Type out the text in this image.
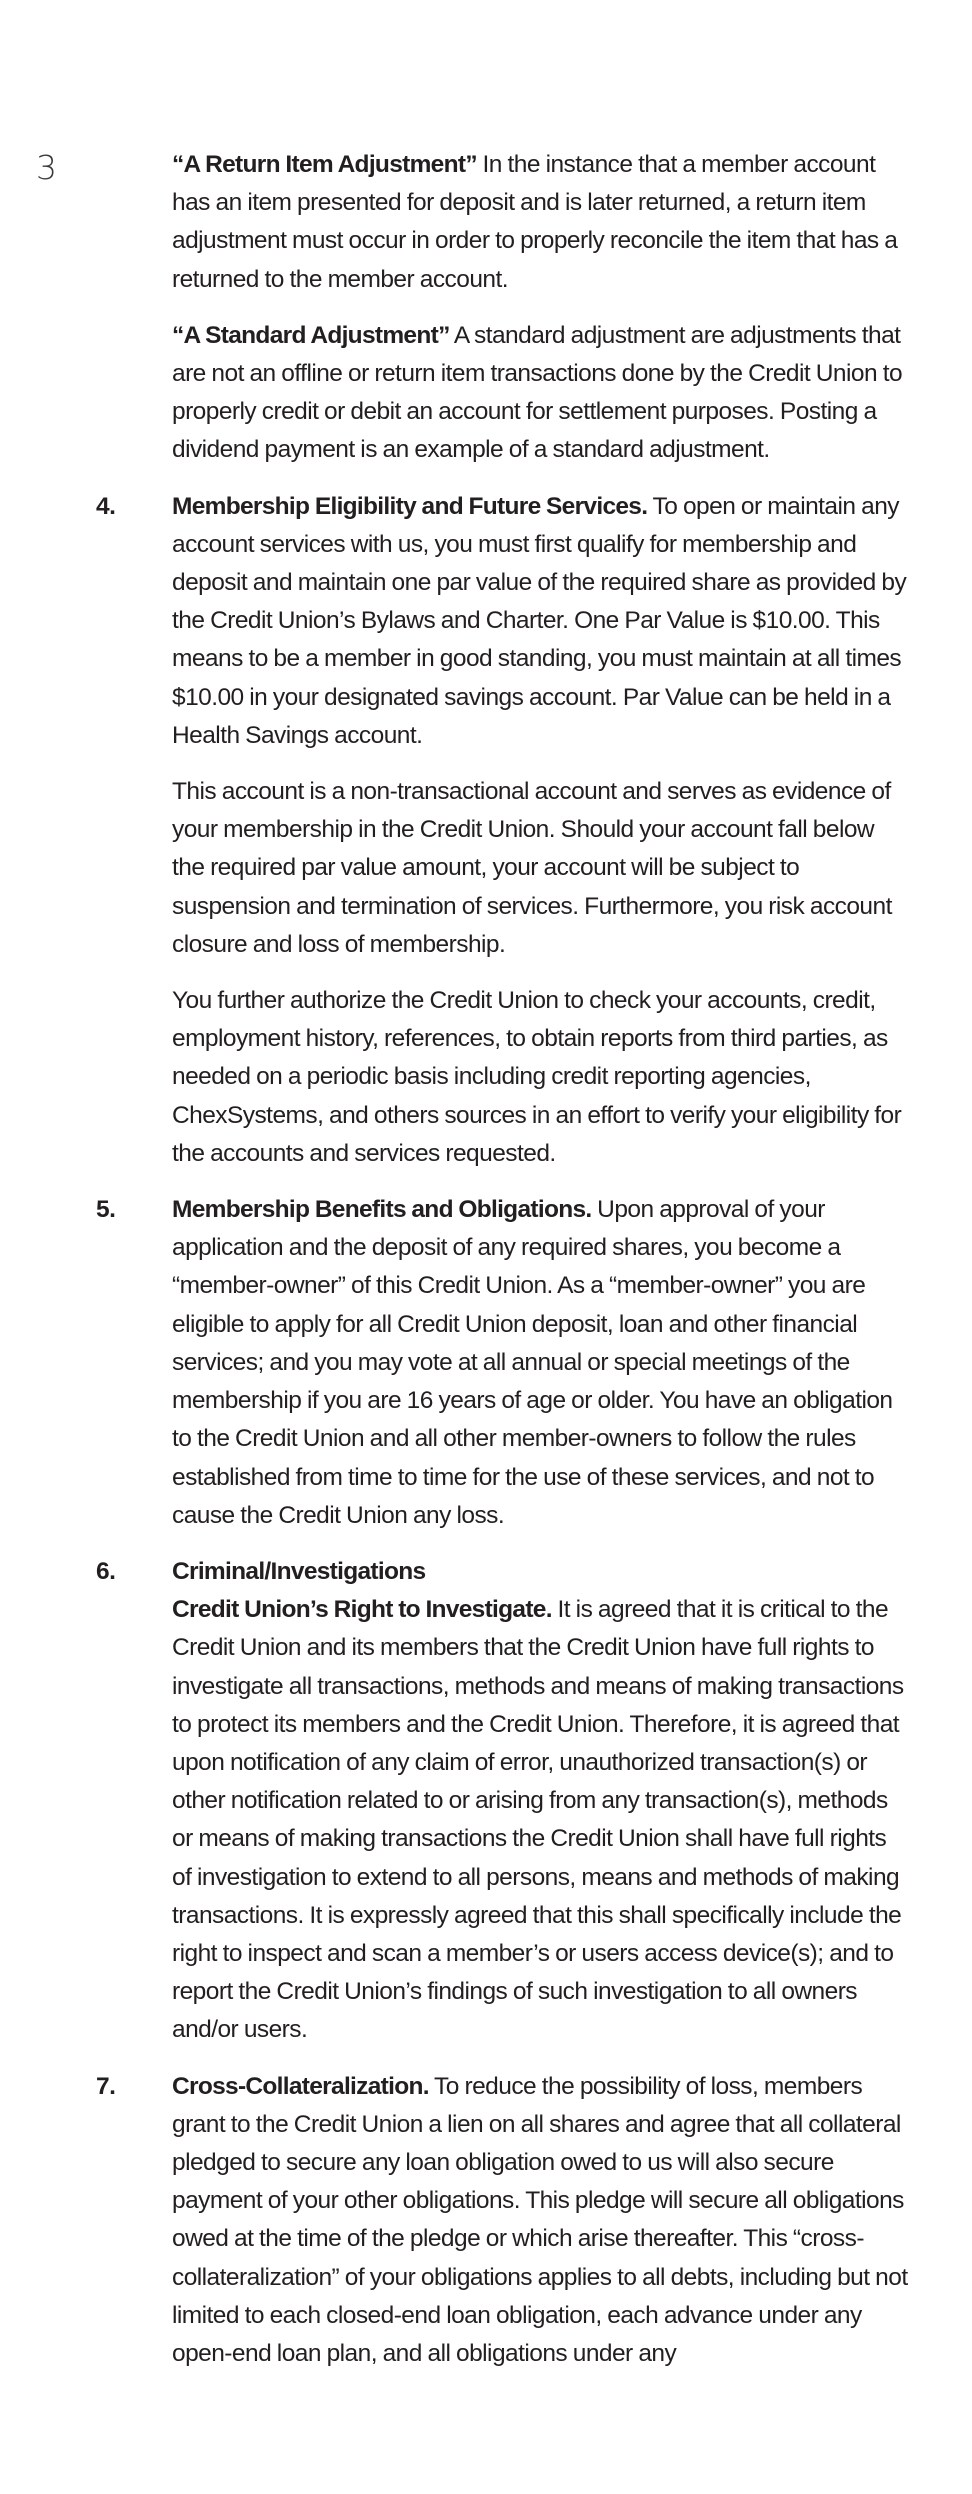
3	“A Return Item Adjustment” In the instance that a member account has an item presented for deposit and is later returned, a return item adjustment must occur in order to properly reconcile the item that has a returned to the member account.

“A Standard Adjustment” A standard adjustment are adjustments that are not an offline or return item transactions done by the Credit Union to properly credit or debit an account for settlement purposes. Posting a dividend payment is an example of a standard adjustment.

4. Membership Eligibility and Future Services. To open or maintain any account services with us, you must first qualify for membership and deposit and maintain one par value of the required share as provided by the Credit Union’s Bylaws and Charter. One Par Value is $10.00. This means to be a member in good standing, you must maintain at all times $10.00 in your designated savings account. Par Value can be held in a Health Savings account.

This account is a non-transactional account and serves as evidence of your membership in the Credit Union. Should your account fall below the required par value amount, your account will be subject to suspension and termination of services. Furthermore, you risk account closure and loss of membership.

You further authorize the Credit Union to check your accounts, credit, employment history, references, to obtain reports from third parties, as needed on a periodic basis including credit reporting agencies, ChexSystems, and others sources in an effort to verify your eligibility for the accounts and services requested.

5. Membership Benefits and Obligations. Upon approval of your application and the deposit of any required shares, you become a “member-owner” of this Credit Union. As a “member-owner” you are eligible to apply for all Credit Union deposit, loan and other financial services; and you may vote at all annual or special meetings of the membership if you are 16 years of age or older. You have an obligation to the Credit Union and all other member-owners to follow the rules established from time to time for the use of these services, and not to cause the Credit Union any loss.

6. Criminal/Investigations
Credit Union’s Right to Investigate. It is agreed that it is critical to the Credit Union and its members that the Credit Union have full rights to investigate all transactions, methods and means of making transactions to protect its members and the Credit Union. Therefore, it is agreed that upon notification of any claim of error, unauthorized transaction(s) or other notification related to or arising from any transaction(s), methods or means of making transactions the Credit Union shall have full rights of investigation to extend to all persons, means and methods of making transactions. It is expressly agreed that this shall specifically include the right to inspect and scan a member’s or users access device(s); and to report the Credit Union’s findings of such investigation to all owners and/or users.

7. Cross-Collateralization. To reduce the possibility of loss, members grant to the Credit Union a lien on all shares and agree that all collateral pledged to secure any loan obligation owed to us will also secure payment of your other obligations. This pledge will secure all obligations owed at the time of the pledge or which arise thereafter. This “cross-collateralization” of your obligations applies to all debts, including but not limited to each closed-end loan obligation, each advance under any open-end loan plan, and all obligations under any
